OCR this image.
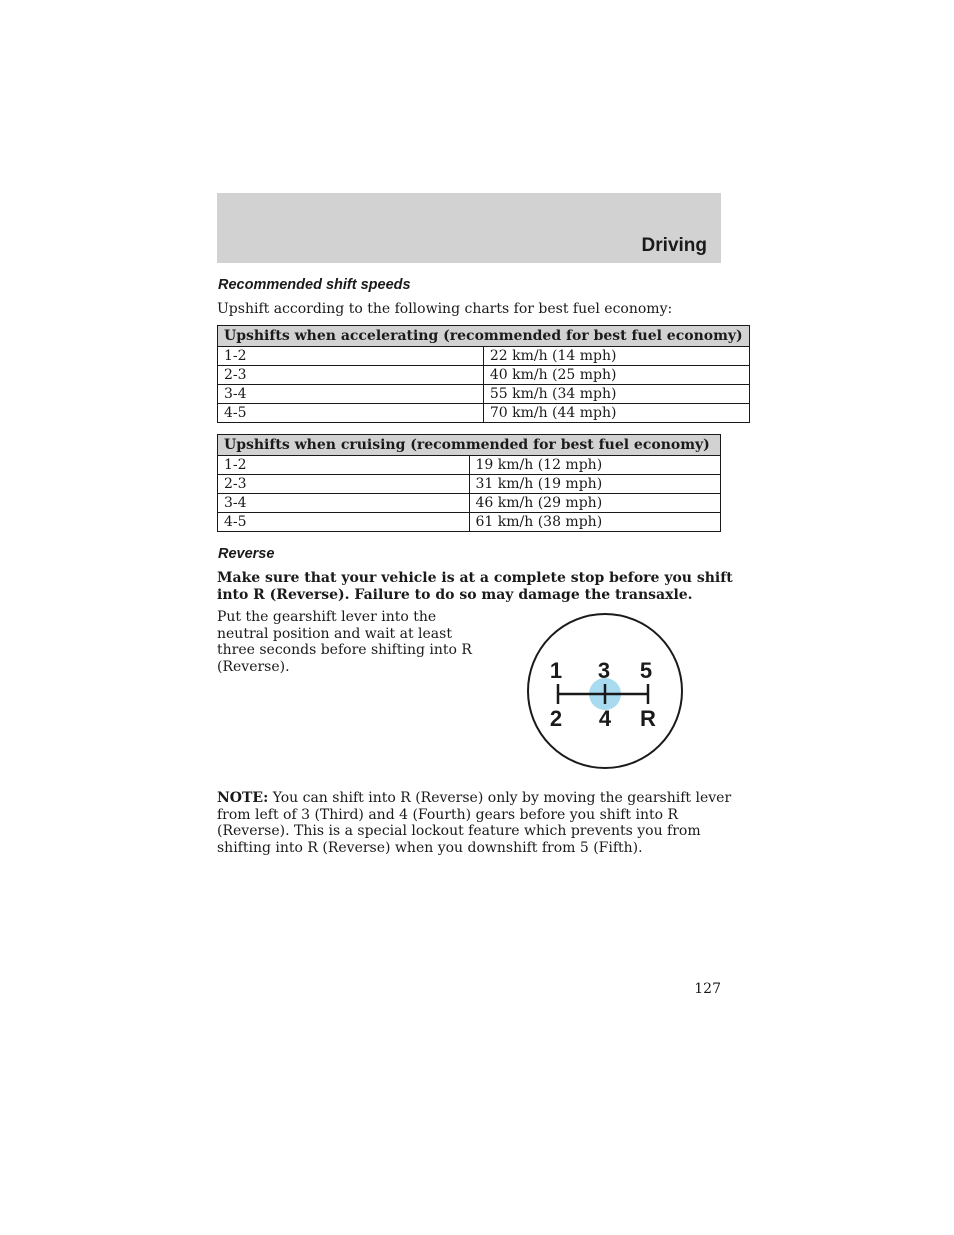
Driving
Recommended shift speeds
Upshift according to the following charts for best fuel economy:
Upshifts when accelerating (recommended for best fuel economy)	
1-2	22 km/h (14 mph)
2-3	40 km/h (25 mph)
3-4	55 km/h (34 mph)
4-5	70 km/h (44 mph)
Upshifts when cruising (recommended for best fuel economy)	
1-2	19 km/h (12 mph)
2-3	31 km/h (19 mph)
3-4	46 km/h (29 mph)
4-5	61 km/h (38 mph)
Reverse
Make sure that your vehicle is at a complete stop before you shift
into R (Reverse). Failure to do so may damage the transaxle.
Put the gearshift lever into the
neutral position and wait at least
three seconds before shifting into R
(Reverse).	1 3 5
2 4 R
NOTE: You can shift into R (Reverse) only by moving the gearshift lever
from left of 3 (Third) and 4 (Fourth) gears before you shift into R
(Reverse). This is a special lockout feature which prevents you from
shifting into R (Reverse) when you downshift from 5 (Fifth).
127
